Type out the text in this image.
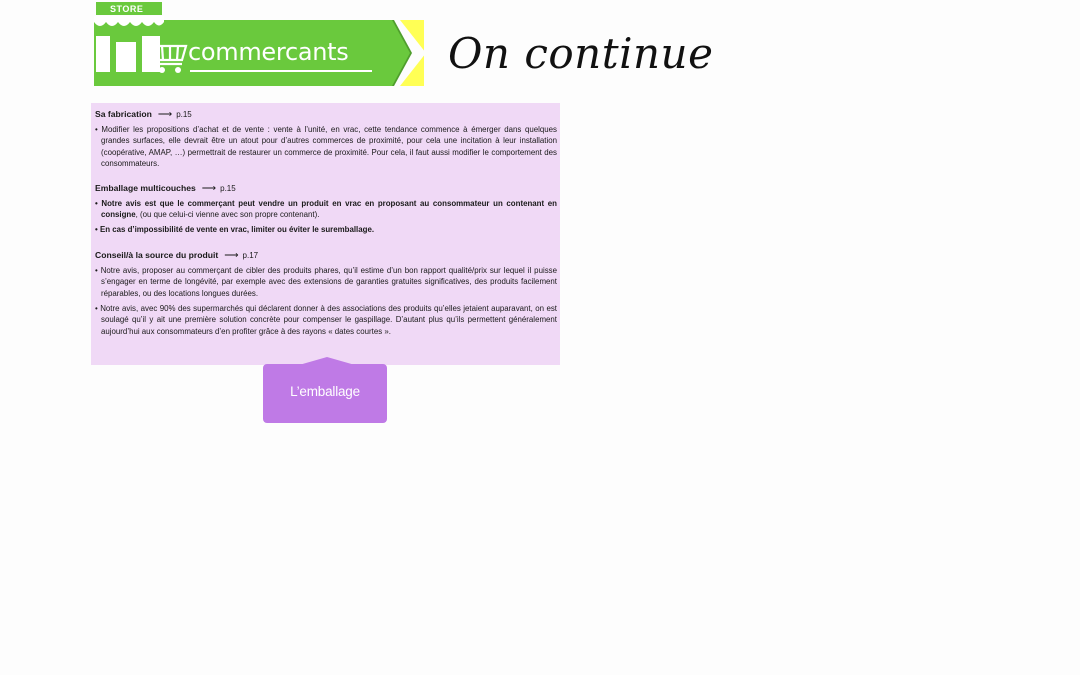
STORE
commercants On continue

Sa fabrication ⟶ p.15

• Modifier les propositions d’achat et de vente : vente à l’unité, en vrac, cette tendance commence à émerger dans quelques grandes surfaces, elle devrait être un atout pour d’autres commerces de proximité, pour cela une incitation à leur installation (coopérative, AMAP, …) permettrait de restaurer un commerce de proximité. Pour cela, il faut aussi modifier le comportement des consommateurs.

Emballage multicouches ⟶ p.15

• Notre avis est que le commerçant peut vendre un produit en vrac en proposant au consommateur un contenant en consigne, (ou que celui-ci vienne avec son propre contenant).

• En cas d’impossibilité de vente en vrac, limiter ou éviter le suremballage.

Conseil/à la source du produit ⟶ p.17

• Notre avis, proposer au commerçant de cibler des produits phares, qu’il estime d’un bon rapport qualité/prix sur lequel il puisse s’engager en terme de longévité, par exemple avec des extensions de garanties gratuites significatives, des produits facilement réparables, ou des locations longues durées.

• Notre avis, avec 90% des supermarchés qui déclarent donner à des associations des produits qu’elles jetaient auparavant, on est soulagé qu’il y ait une première solution concrète pour compenser le gaspillage. D’autant plus qu’ils permettent généralement aujourd’hui aux consommateurs d’en profiter grâce à des rayons « dates courtes ».

L’emballage
